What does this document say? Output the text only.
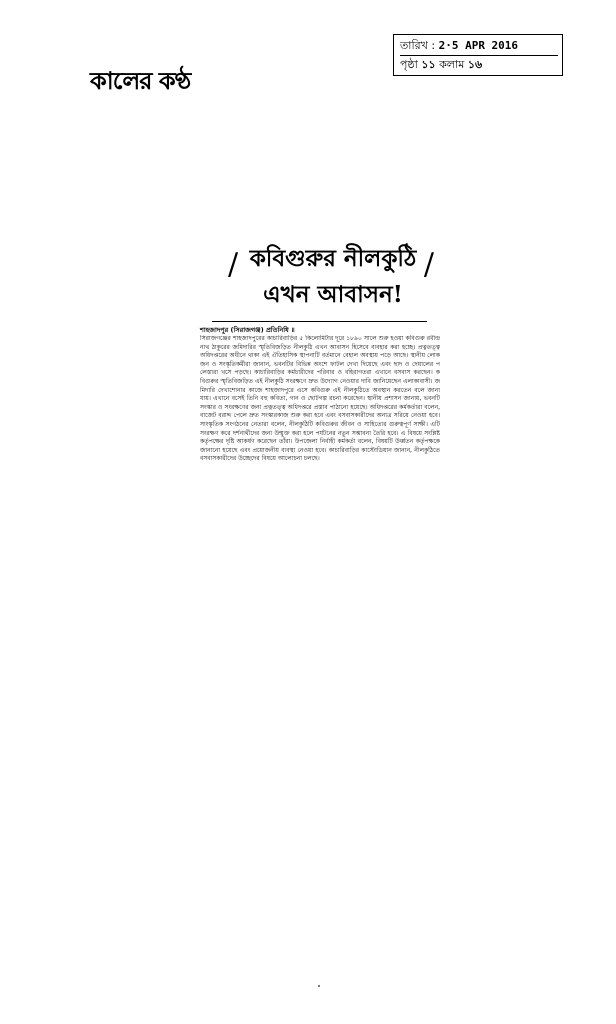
কালের কণ্ঠ
তারিখ : 2·5 APR 2016
পৃষ্ঠা ১১ কলাম ১৬
/ কবিগুরুর নীলকুঠি
এখন আবাসন!
/
শাহজাদপুর (সিরাজগঞ্জ) প্রতিনিধি ॥
সিরাজগঞ্জের শাহজাদপুরের কাচারিবাড়ির ৫ কিলোমিটার দূরে ১৮৯০ সালে শুরু হওয়া কবিগুরু রবীন্দ্রনাথ ঠাকুরের জমিদারির স্মৃতিবিজড়িত নীলকুঠি এখন আবাসন হিসেবে ব্যবহার করা হচ্ছে। প্রত্নতত্ত্ব অধিদপ্তরের অধীনে থাকা এই ঐতিহাসিক স্থাপনাটি বর্তমানে বেহাল অবস্থায় পড়ে আছে। স্থানীয় লোকজন ও সংস্কৃতিকর্মীরা জানান, ভবনটির বিভিন্ন অংশে ফাটল দেখা দিয়েছে এবং ছাদ ও দেয়ালের পলেস্তারা খসে পড়ছে। কাচারিবাড়ির কর্মচারীদের পরিবার ও বহিরাগতরা এখানে বসবাস করছেন। কবিগুরুর স্মৃতিবিজড়িত এই নীলকুঠি সংরক্ষণে দ্রুত উদ্যোগ নেওয়ার দাবি জানিয়েছেন এলাকাবাসী। জমিদারি দেখাশোনার কাজে শাহজাদপুরে এসে কবিগুরু এই নীলকুঠিতে অবস্থান করতেন বলে জানা যায়। এখানে বসেই তিনি বহু কবিতা, গান ও ছোটগল্প রচনা করেছেন। স্থানীয় প্রশাসন জানায়, ভবনটি সংস্কার ও সংরক্ষণের জন্য প্রত্নতত্ত্ব অধিদপ্তরে প্রস্তাব পাঠানো হয়েছে। অধিদপ্তরের কর্মকর্তারা বলেন, বাজেট বরাদ্দ পেলে দ্রুত সংস্কারকাজ শুরু করা হবে এবং বসবাসকারীদের অন্যত্র সরিয়ে নেওয়া হবে। সাংস্কৃতিক সংগঠনের নেতারা বলেন, নীলকুঠিটি কবিগুরুর জীবন ও সাহিত্যের গুরুত্বপূর্ণ সাক্ষী। এটি সংরক্ষণ করে দর্শনার্থীদের জন্য উন্মুক্ত করা হলে পর্যটনের নতুন সম্ভাবনা তৈরি হবে। এ বিষয়ে সংশ্লিষ্ট কর্তৃপক্ষের দৃষ্টি আকর্ষণ করেছেন তাঁরা। উপজেলা নির্বাহী কর্মকর্তা বলেন, বিষয়টি উর্ধ্বতন কর্তৃপক্ষকে জানানো হয়েছে এবং প্রয়োজনীয় ব্যবস্থা নেওয়া হবে। কাচারিবাড়ির কাস্টোডিয়ান জানান, নীলকুঠিতে বসবাসকারীদের উচ্ছেদের বিষয়ে আলোচনা চলছে।
